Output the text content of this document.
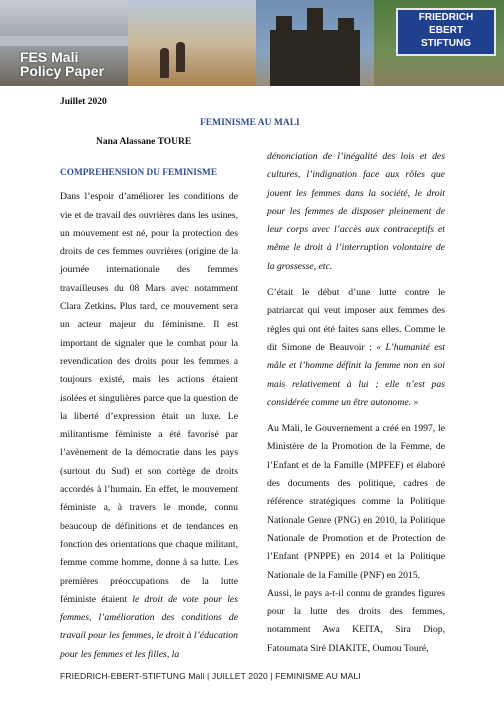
FRIEDRICH
EBERT
STIFTUNG
FES Mali
Policy Paper
Juillet 2020
FEMINISME AU MALI
Nana Alassane TOURE
COMPREHENSION DU FEMINISME

Dans l’espoir d’améliorer les conditions de vie et de travail des ouvrières dans les usines, un mouvement est né, pour la protection des droits de ces femmes ouvrières (origine de la journée internationale des femmes travailleuses du 08 Mars avec notamment Clara Zetkins. Plus tard, ce mouvement sera un acteur majeur du féminisme. Il est important de signaler que le combat pour la revendication des droits pour les femmes a toujours existé, mais les actions étaient isolées et singulières parce que la question de la liberté d’expression était un luxe. Le militantisme féministe a été favorisé par l’avènement de la démocratie dans les pays (surtout du Sud) et son cortège de droits accordés à l’humain. En effet, le mouvement féministe a, à travers le monde, connu beaucoup de définitions et de tendances en fonction des orientations que chaque militant, femme comme homme, donne à sa lutte. Les premières préoccupations de la lutte féministe étaient le droit de vote pour les femmes, l’amélioration des conditions de travail pour les femmes, le droit à l’éducation pour les femmes et les filles, la

dénonciation de l’inégalité des lois et des cultures, l’indignation face aux rôles que jouent les femmes dans la société, le droit pour les femmes de disposer pleinement de leur corps avec l’accès aux contraceptifs et même le droit à l’interruption volontaire de la grossesse, etc.

C’était le début d’une lutte contre le patriarcat qui veut imposer aux femmes des règles qui ont été faites sans elles. Comme le dit Simone de Beauvoir : « L’humanité est mâle et l’homme définit la femme non en soi mais relativement à lui ; elle n’est pas considérée comme un être autonome. »

Au Mali, le Gouvernement a créé en 1997, le Ministère de la Promotion de la Femme, de l’Enfant et de la Famille (MPFEF) et élaboré des documents des politique, cadres de référence stratégiques comme la Politique Nationale Genre (PNG) en 2010, la Politique Nationale de Promotion et de Protection de l’Enfant (PNPPE) en 2014 et la Politique Nationale de la Famille (PNF) en 2015.

Aussi, le pays a-t-il connu de grandes figures pour la lutte des droits des femmes, notamment Awa KEITA, Sira Diop, Fatoumata Siré DIAKITE, Oumou Touré,

FRIEDRICH-EBERT-STIFTUNG Mali | JUILLET 2020 | FEMINISME AU MALI
